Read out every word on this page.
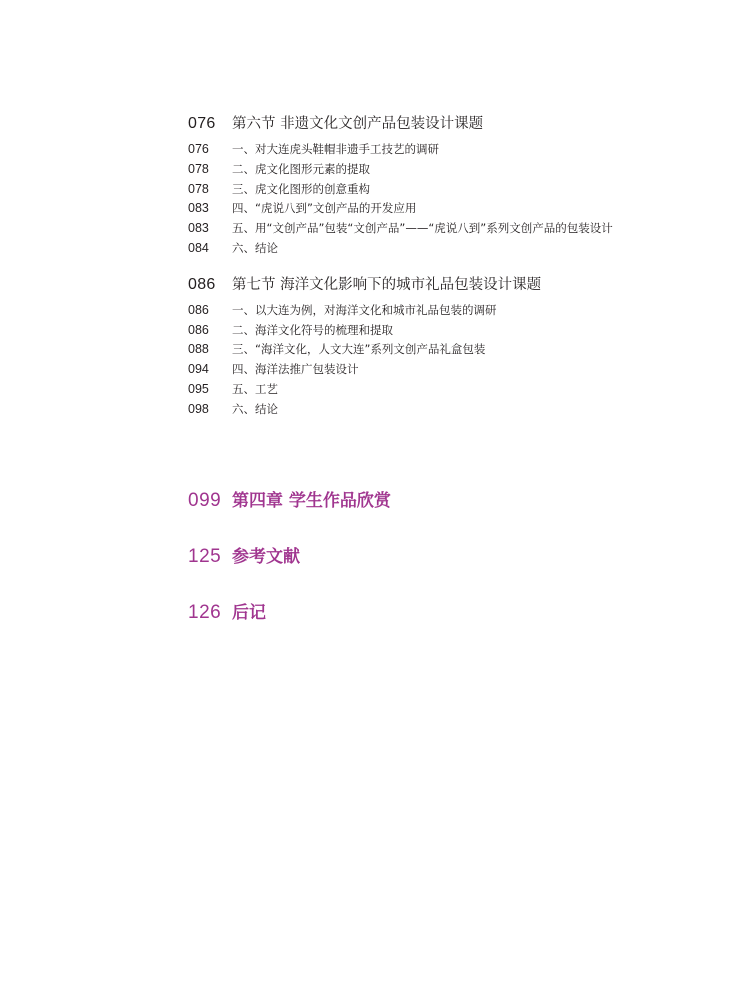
076	第六节 非遗文化文创产品包装设计课题
076	一、对大连虎头鞋帽非遗手工技艺的调研
078	二、虎文化图形元素的提取
078	三、虎文化图形的创意重构
083	四、“虎说八到”文创产品的开发应用
083	五、用“文创产品”包装“文创产品”——“虎说八到”系列文创产品的包装设计
084	六、结论
086	第七节 海洋文化影响下的城市礼品包装设计课题
086	一、以大连为例，对海洋文化和城市礼品包装的调研
086	二、海洋文化符号的梳理和提取
088	三、“海洋文化，人文大连”系列文创产品礼盒包装
094	四、海洋法推广包装设计
095	五、工艺
098	六、结论
099 第四章 学生作品欣赏
125 参考文献
126 后记
